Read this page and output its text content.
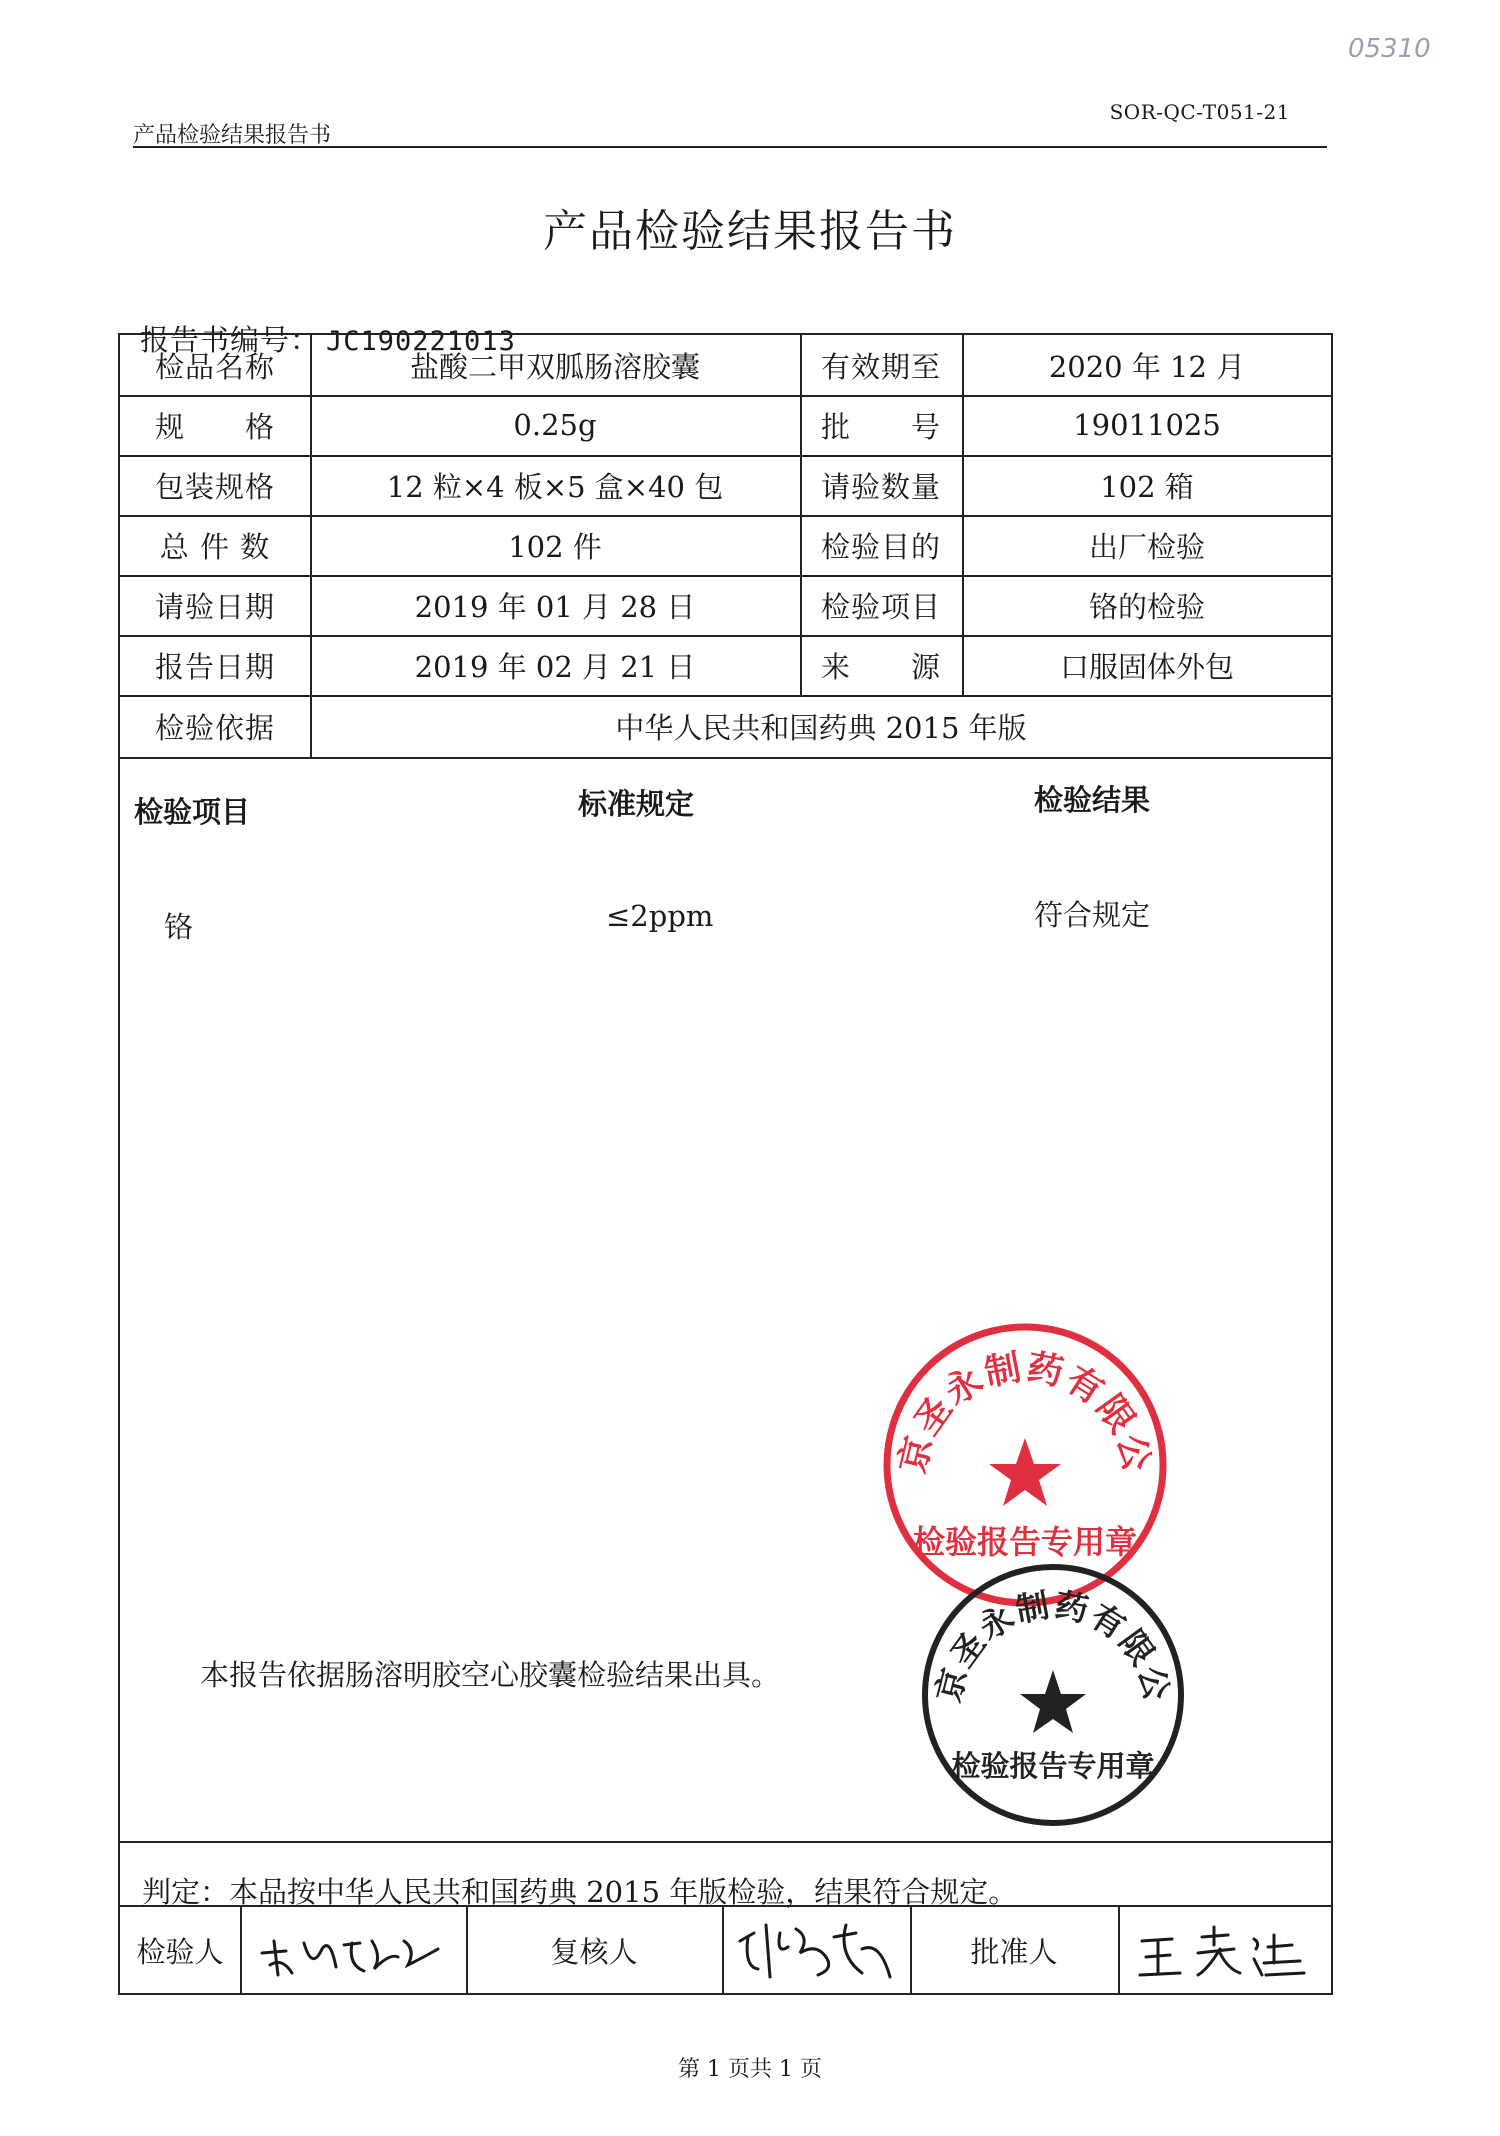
产品检验结果报告书
SOR-QC-T051-21
05310
产品检验结果报告书
报告书编号： JC190221013
检品名称	盐酸二甲双胍肠溶胶囊	有效期至	2020 年 12 月
规　　格	0.25g	批　　号	19011025
包装规格	12 粒×4 板×5 盒×40 包	请验数量	102 箱
总 件 数	102 件	检验目的	出厂检验
请验日期	2019 年 01 月 28 日	检验项目	铬的检验
报告日期	2019 年 02 月 21 日	来　　源	口服固体外包
检验依据	中华人民共和国药典 2015 年版
检验项目	标准规定	检验结果
铬	≤2ppm	符合规定
本报告依据肠溶明胶空心胶囊检验结果出具。
判定：本品按中华人民共和国药典 2015 年版检验，结果符合规定。
检验人	复核人	批准人
京圣永制药有限公
检验报告专用章
京圣永制药有限公
检验报告专用章
第 1 页共 1 页
